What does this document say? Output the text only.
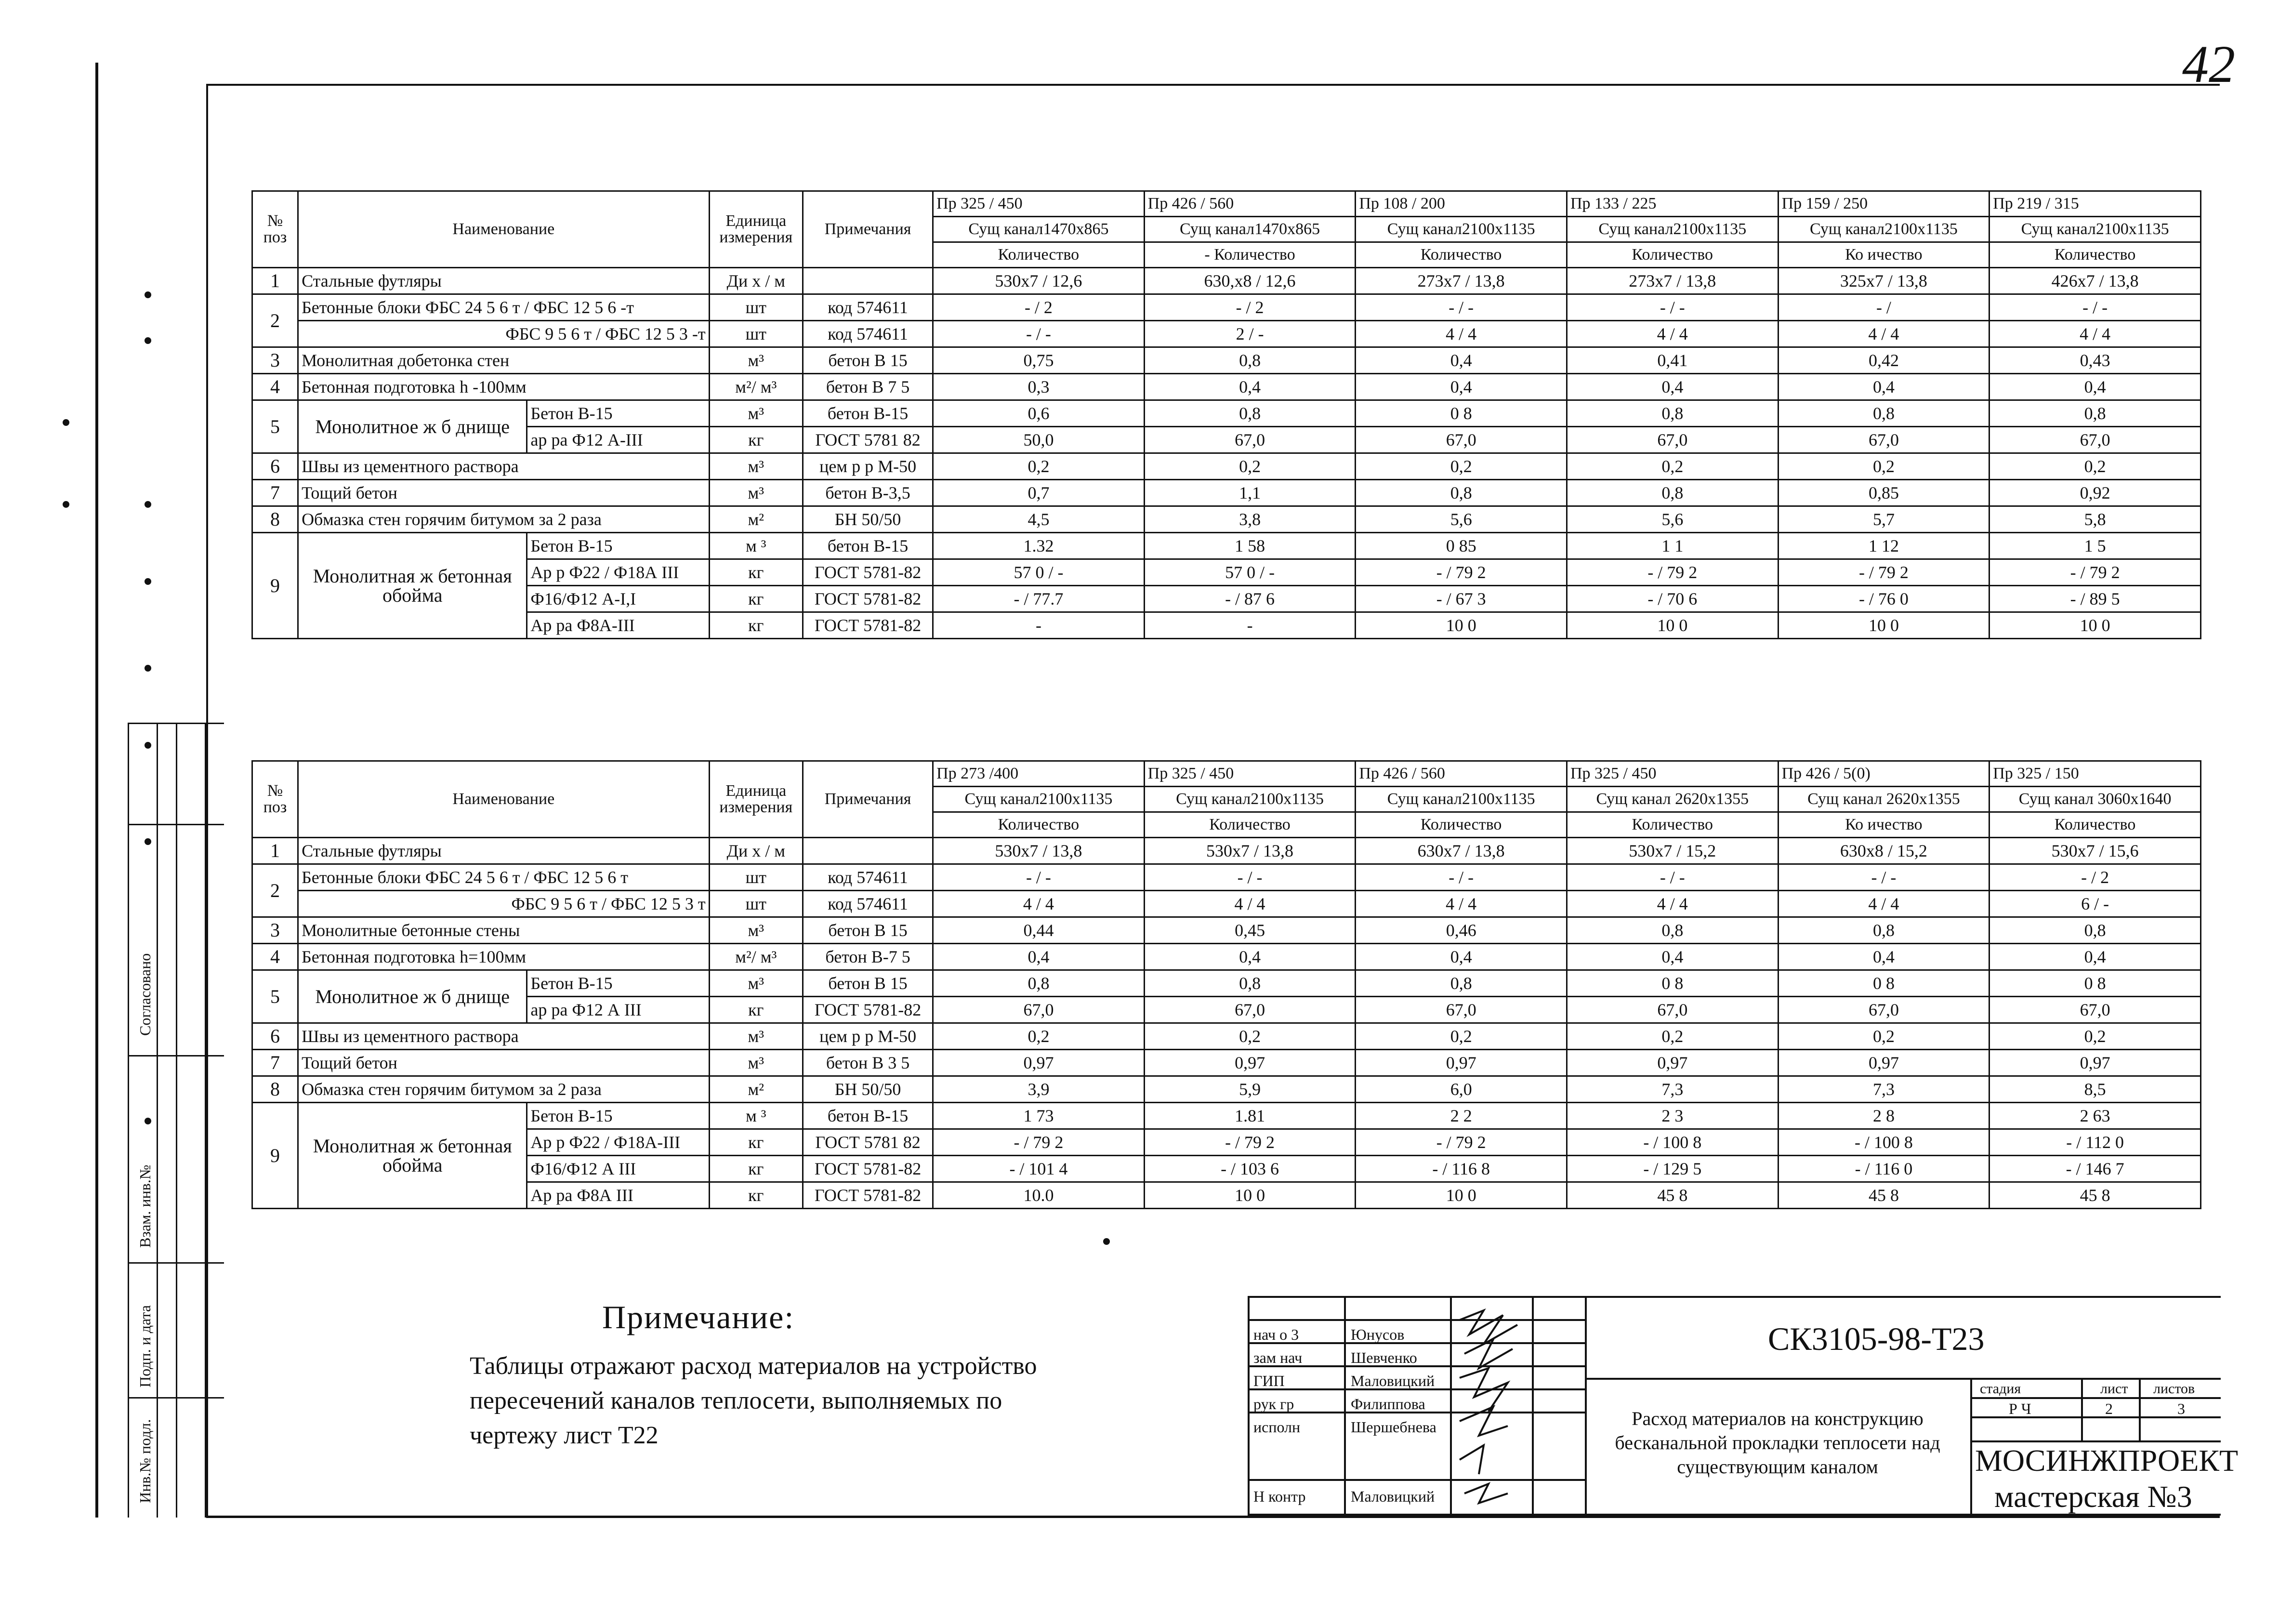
42
Инв.№ подл.
Подп. и дата
Взам. инв.№
Согласовано
№
поз	Наименование		Единица
измерения	Примечания	Пр 325 / 450	Пр 426 / 560	Пр 108 / 200	Пр 133 / 225	Пр 159 / 250	Пр 219 / 315
					Сущ канал1470x865	Сущ канал1470x865	Сущ канал2100x1135	Сущ канал2100x1135	Сущ канал2100x1135	Сущ канал2100x1135
					Количество	- Количество	Количество	Количество	Ко ичество	Количество
1	Стальные футляры		Ди х / м		530x7 / 12,6	630,x8 / 12,6	273x7 / 13,8	273x7 / 13,8	325x7 / 13,8	426x7 / 13,8
2	Бетонные блоки ФБС 24 5 6 т / ФБС 12 5 6 -т		шт	код 574611	- / 2	- / 2	- / -	- / -	- /	- / -
	ФБС 9 5 6 т / ФБС 12 5 3 -т		шт	код 574611	- / -	2 / -	4 / 4	4 / 4	4 / 4	4 / 4
3	Монолитная добетонка стен		м³	бетон В 15	0,75	0,8	0,4	0,41	0,42	0,43
4	Бетонная подготовка h -100мм		м²/ м³	бетон В 7 5	0,3	0,4	0,4	0,4	0,4	0,4
5	Монолитное ж б днище	Бетон В-15	м³	бетон В-15	0,6	0,8	0 8	0,8	0,8	0,8
		ар ра Ф12 А-III	кг	ГОСТ 5781 82	50,0	67,0	67,0	67,0	67,0	67,0
6	Швы из цементного раствора		м³	цем р р М-50	0,2	0,2	0,2	0,2	0,2	0,2
7	Тощий бетон		м³	бетон В-3,5	0,7	1,1	0,8	0,8	0,85	0,92
8	Обмазка стен горячим битумом за 2 раза		м²	БН 50/50	4,5	3,8	5,6	5,6	5,7	5,8
9	Монолитная ж бетонная обойма	Бетон В-15	м ³	бетон В-15	1.32	1 58	0 85	1 1	1 12	1 5
		Ар р Ф22 / Ф18А III	кг	ГОСТ 5781-82	57 0 / -	57 0 / -	- / 79 2	- / 79 2	- / 79 2	- / 79 2
		Ф16/Ф12 А-I,I	кг	ГОСТ 5781-82	- / 77.7	- / 87 6	- / 67 3	- / 70 6	- / 76 0	- / 89 5
		Ар ра Ф8А-III	кг	ГОСТ 5781-82	-	-	10 0	10 0	10 0	10 0
№
поз	Наименование		Единица
измерения	Примечания	Пр 273 /400	Пр 325 / 450	Пр 426 / 560	Пр 325 / 450	Пр 426 / 5(0)	Пр 325 / 150
					Сущ канал2100x1135	Сущ канал2100x1135	Сущ канал2100x1135	Сущ канал 2620x1355	Сущ канал 2620x1355	Сущ канал 3060x1640
					Количество	Количество	Количество	Количество	Ко ичество	Количество
1	Стальные футляры		Ди х / м		530x7 / 13,8	530x7 / 13,8	630x7 / 13,8	530x7 / 15,2	630x8 / 15,2	530x7 / 15,6
2	Бетонные блоки ФБС 24 5 6 т / ФБС 12 5 6 т		шт	код 574611	- / -	- / -	- / -	- / -	- / -	- / 2
	ФБС 9 5 6 т / ФБС 12 5 3 т		шт	код 574611	4 / 4	4 / 4	4 / 4	4 / 4	4 / 4	6 / -
3	Монолитные бетонные стены		м³	бетон В 15	0,44	0,45	0,46	0,8	0,8	0,8
4	Бетонная подготовка h=100мм		м²/ м³	бетон В-7 5	0,4	0,4	0,4	0,4	0,4	0,4
5	Монолитное ж б днище	Бетон В-15	м³	бетон В 15	0,8	0,8	0,8	0 8	0 8	0 8
		ар ра Ф12 А III	кг	ГОСТ 5781-82	67,0	67,0	67,0	67,0	67,0	67,0
6	Швы из цементного раствора		м³	цем р р М-50	0,2	0,2	0,2	0,2	0,2	0,2
7	Тощий бетон		м³	бетон В 3 5	0,97	0,97	0,97	0,97	0,97	0,97
8	Обмазка стен горячим битумом за 2 раза		м²	БН 50/50	3,9	5,9	6,0	7,3	7,3	8,5
9	Монолитная ж бетонная обойма	Бетон В-15	м ³	бетон В-15	1 73	1.81	2 2	2 3	2 8	2 63
		Ар р Ф22 / Ф18А-III	кг	ГОСТ 5781 82	- / 79 2	- / 79 2	- / 79 2	- / 100 8	- / 100 8	- / 112 0
		Ф16/Ф12 А III	кг	ГОСТ 5781-82	- / 101 4	- / 103 6	- / 116 8	- / 129 5	- / 116 0	- / 146 7
		Ар ра Ф8А III	кг	ГОСТ 5781-82	10.0	10 0	10 0	45 8	45 8	45 8
Примечание:
Таблицы отражают расход материалов на устройство пересечений каналов теплосети, выполняемых по чертежу лист Т22
нач о 3
зам нач
ГИП
рук гр
исполн
Н контр
Юнусов
Шевченко
Маловицкий
Филиппова
Шершебнева
Маловицкий
СК3105-98-Т23
Расход материалов на конструкцию бесканальной прокладки теплосети над существующим каналом
стадия	лист листов
Р Ч	2	3
МОСИНЖПРОЕКТ
мастерская №3
